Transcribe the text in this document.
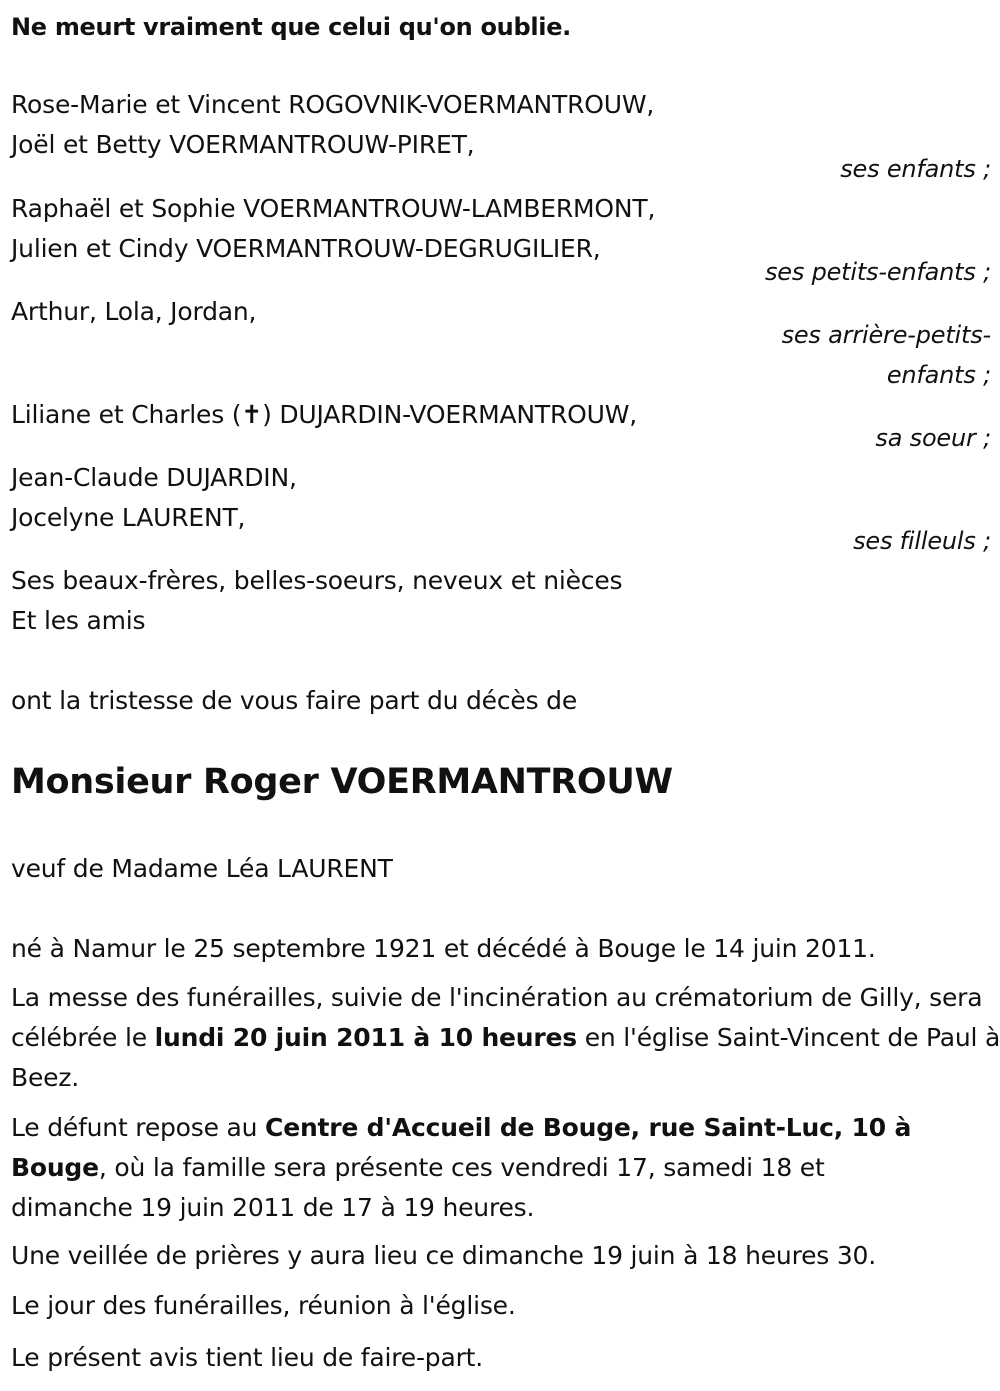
Ne meurt vraiment que celui qu'on oublie.
Rose-Marie et Vincent ROGOVNIK-VOERMANTROUW,
Joël et Betty VOERMANTROUW-PIRET,
ses enfants ;
Raphaël et Sophie VOERMANTROUW-LAMBERMONT,
Julien et Cindy VOERMANTROUW-DEGRUGILIER,
ses petits-enfants ;
Arthur, Lola, Jordan,
ses arrière-petits-enfants ;
Liliane et Charles (✝) DUJARDIN-VOERMANTROUW,
sa soeur ;
Jean-Claude DUJARDIN,
Jocelyne LAURENT,
ses filleuls ;
Ses beaux-frères, belles-soeurs, neveux et nièces
Et les amis
ont la tristesse de vous faire part du décès de
Monsieur Roger VOERMANTROUW
veuf de Madame Léa LAURENT
né à Namur le 25 septembre 1921 et décédé à Bouge le 14 juin 2011.
La messe des funérailles, suivie de l'incinération au crématorium de Gilly, sera célébrée le lundi 20 juin 2011 à 10 heures en l'église Saint-Vincent de Paul à Beez.
Le défunt repose au Centre d'Accueil de Bouge, rue Saint-Luc, 10 à Bouge, où la famille sera présente ces vendredi 17, samedi 18 et dimanche 19 juin 2011 de 17 à 19 heures.
Une veillée de prières y aura lieu ce dimanche 19 juin à 18 heures 30.
Le jour des funérailles, réunion à l'église.
Le présent avis tient lieu de faire-part.
